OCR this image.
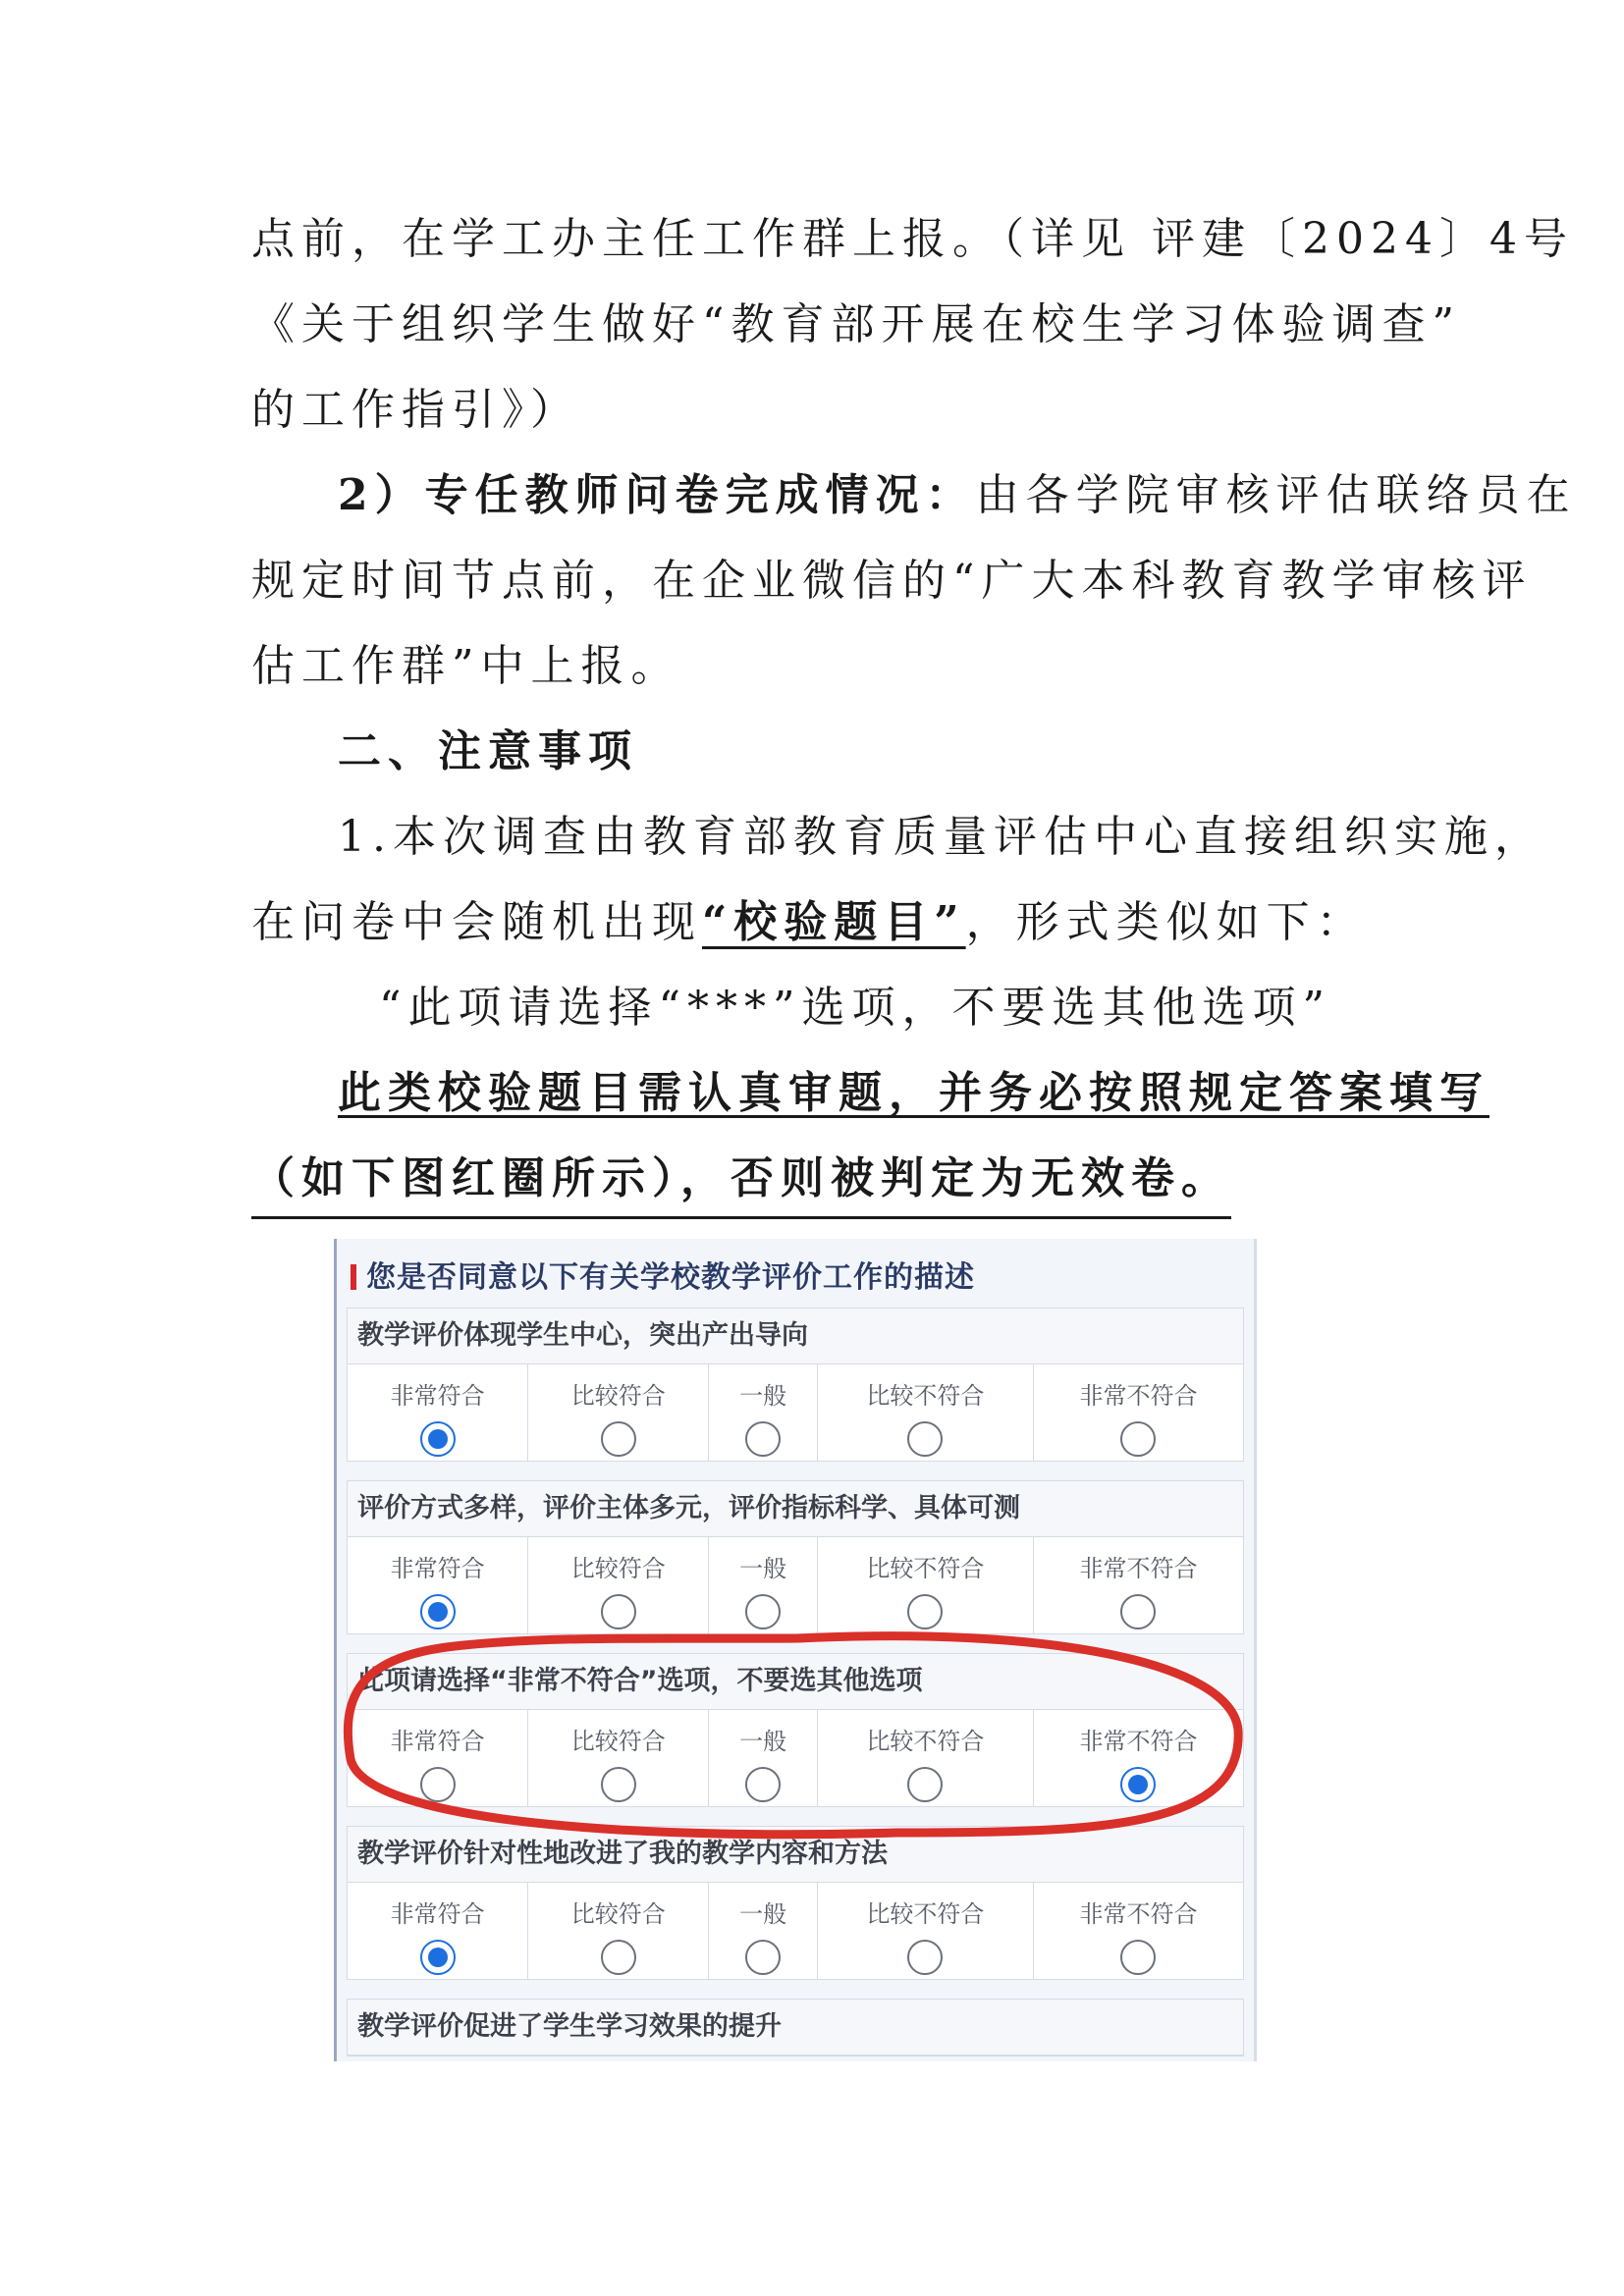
点前，在学工办主任工作群上报。（详见 评建〔2024〕4号

《关于组织学生做好“教育部开展在校生学习体验调查”

的工作指引》）

2）专任教师问卷完成情况：由各学院审核评估联络员在

规定时间节点前，在企业微信的“广大本科教育教学审核评

估工作群”中上报。

二、注意事项

1.本次调查由教育部教育质量评估中心直接组织实施，

在问卷中会随机出现“校验题目”，形式类似如下：

“此项请选择“***”选项，不要选其他选项”

此类校验题目需认真审题，并务必按照规定答案填写

（如下图红圈所示），否则被判定为无效卷。

您是否同意以下有关学校教学评价工作的描述
教学评价体现学生中心，突出产出导向
非常符合	比较符合	一般	比较不符合	非常不符合
评价方式多样，评价主体多元，评价指标科学、具体可测
非常符合	比较符合	一般	比较不符合	非常不符合
此项请选择“非常不符合”选项，不要选其他选项
非常符合	比较符合	一般	比较不符合	非常不符合
教学评价针对性地改进了我的教学内容和方法
非常符合	比较符合	一般	比较不符合	非常不符合
教学评价促进了学生学习效果的提升
